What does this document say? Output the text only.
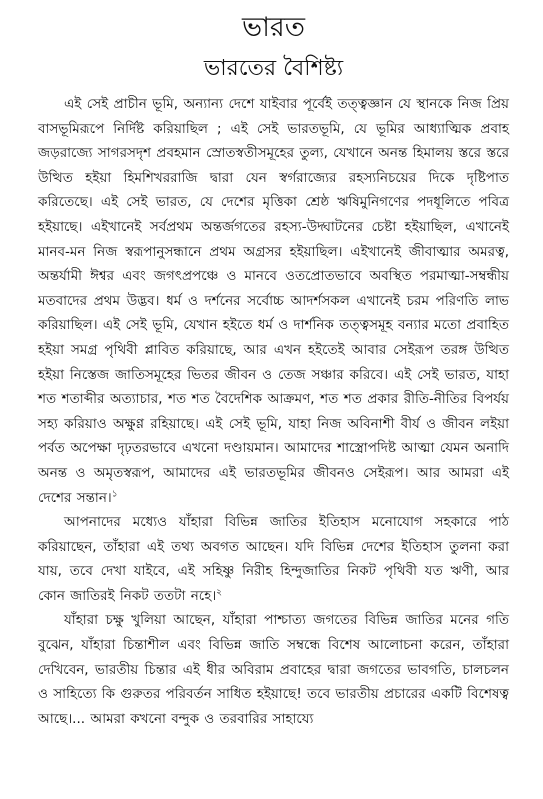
ভারত
ভারতের বৈশিষ্ট্য

এই সেই প্রাচীন ভূমি, অন্যান্য দেশে যাইবার পূর্বেই তত্ত্বজ্ঞান যে স্থানকে নিজ প্রিয় বাসভূমিরূপে নির্দিষ্ট করিয়াছিল ; এই সেই ভারতভূমি, যে ভূমির আধ্যাত্মিক প্রবাহ জড়রাজ্যে সাগরসদৃশ প্রবহমান স্রোতস্বতীসমূহের তুল্য, যেখানে অনন্ত হিমালয় স্তরে স্তরে উত্থিত হইয়া হিমশিখররাজি দ্বারা যেন স্বর্গরাজ্যের রহস্যনিচয়ের দিকে দৃষ্টিপাত করিতেছে। এই সেই ভারত, যে দেশের মৃত্তিকা শ্রেষ্ঠ ঋষিমুনিগণের পদধূলিতে পবিত্র হইয়াছে। এইখানেই সর্বপ্রথম অন্তর্জগতের রহস্য-উদ্ঘাটনের চেষ্টা হইয়াছিল, এখানেই মানব-মন নিজ স্বরূপানুসন্ধানে প্রথম অগ্রসর হইয়াছিল। এইখানেই জীবাত্মার অমরত্ব, অন্তর্যামী ঈশ্বর এবং জগৎপ্রপঞ্চে ও মানবে ওতপ্রোতভাবে অবস্থিত পরমাত্মা-সম্বন্ধীয় মতবাদের প্রথম উদ্ভব। ধর্ম ও দর্শনের সর্বোচ্চ আদর্শসকল এখানেই চরম পরিণতি লাভ করিয়াছিল। এই সেই ভূমি, যেখান হইতে ধর্ম ও দার্শনিক তত্ত্বসমূহ বন্যার মতো প্রবাহিত হইয়া সমগ্র পৃথিবী প্লাবিত করিয়াছে, আর এখন হইতেই আবার সেইরূপ তরঙ্গ উত্থিত হইয়া নিস্তেজ জাতিসমূহের ভিতর জীবন ও তেজ সঞ্চার করিবে। এই সেই ভারত, যাহা শত শতাব্দীর অত্যাচার, শত শত বৈদেশিক আক্রমণ, শত শত প্রকার রীতি-নীতির বিপর্যয় সহ্য করিয়াও অক্ষুণ্ণ রহিয়াছে। এই সেই ভূমি, যাহা নিজ অবিনাশী বীর্য ও জীবন লইয়া পর্বত অপেক্ষা দৃঢ়তরভাবে এখনো দণ্ডায়মান। আমাদের শাস্ত্রোপদিষ্ট আত্মা যেমন অনাদি অনন্ত ও অমৃতস্বরূপ, আমাদের এই ভারতভূমির জীবনও সেইরূপ। আর আমরা এই দেশের সন্তান।$^১$

আপনাদের মধ্যেও যাঁহারা বিভিন্ন জাতির ইতিহাস মনোযোগ সহকারে পাঠ করিয়াছেন, তাঁহারা এই তথ্য অবগত আছেন। যদি বিভিন্ন দেশের ইতিহাস তুলনা করা যায়, তবে দেখা যাইবে, এই সহিষ্ণু নিরীহ হিন্দুজাতির নিকট পৃথিবী যত ঋণী, আর কোন জাতিরই নিকট ততটা নহে।$^২$

যাঁহারা চক্ষু খুলিয়া আছেন, যাঁহারা পাশ্চাত্য জগতের বিভিন্ন জাতির মনের গতি বুঝেন, যাঁহারা চিন্তাশীল এবং বিভিন্ন জাতি সম্বন্ধে বিশেষ আলোচনা করেন, তাঁহারা দেখিবেন, ভারতীয় চিন্তার এই ধীর অবিরাম প্রবাহের দ্বারা জগতের ভাবগতি, চালচলন ও সাহিত্যে কি গুরুতর পরিবর্তন সাধিত হইয়াছে! তবে ভারতীয় প্রচারের একটি বিশেষত্ব আছে।... আমরা কখনো বন্দুক ও তরবারির সাহায্যে
